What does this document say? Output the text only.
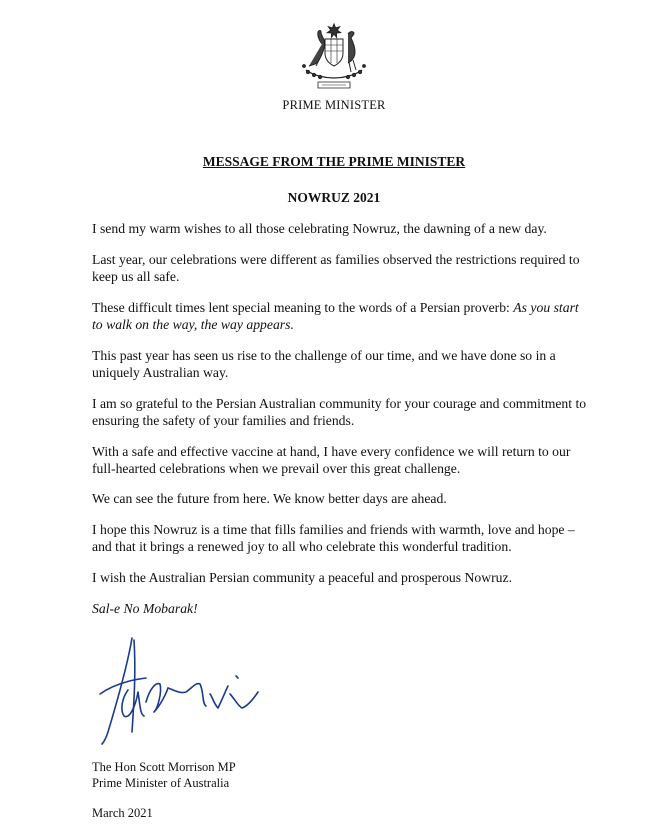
PRIME MINISTER
MESSAGE FROM THE PRIME MINISTER
NOWRUZ 2021

I send my warm wishes to all those celebrating Nowruz, the dawning of a new day.

Last year, our celebrations were different as families observed the restrictions required to keep us all safe.

These difficult times lent special meaning to the words of a Persian proverb: As you start to walk on the way, the way appears.

This past year has seen us rise to the challenge of our time, and we have done so in a uniquely Australian way.

I am so grateful to the Persian Australian community for your courage and commitment to ensuring the safety of your families and friends.

With a safe and effective vaccine at hand, I have every confidence we will return to our full-hearted celebrations when we prevail over this great challenge.

We can see the future from here. We know better days are ahead.

I hope this Nowruz is a time that fills families and friends with warmth, love and hope – and that it brings a renewed joy to all who celebrate this wonderful tradition.

I wish the Australian Persian community a peaceful and prosperous Nowruz.

Sal-e No Mobarak!

The Hon Scott Morrison MP
Prime Minister of Australia
March 2021
